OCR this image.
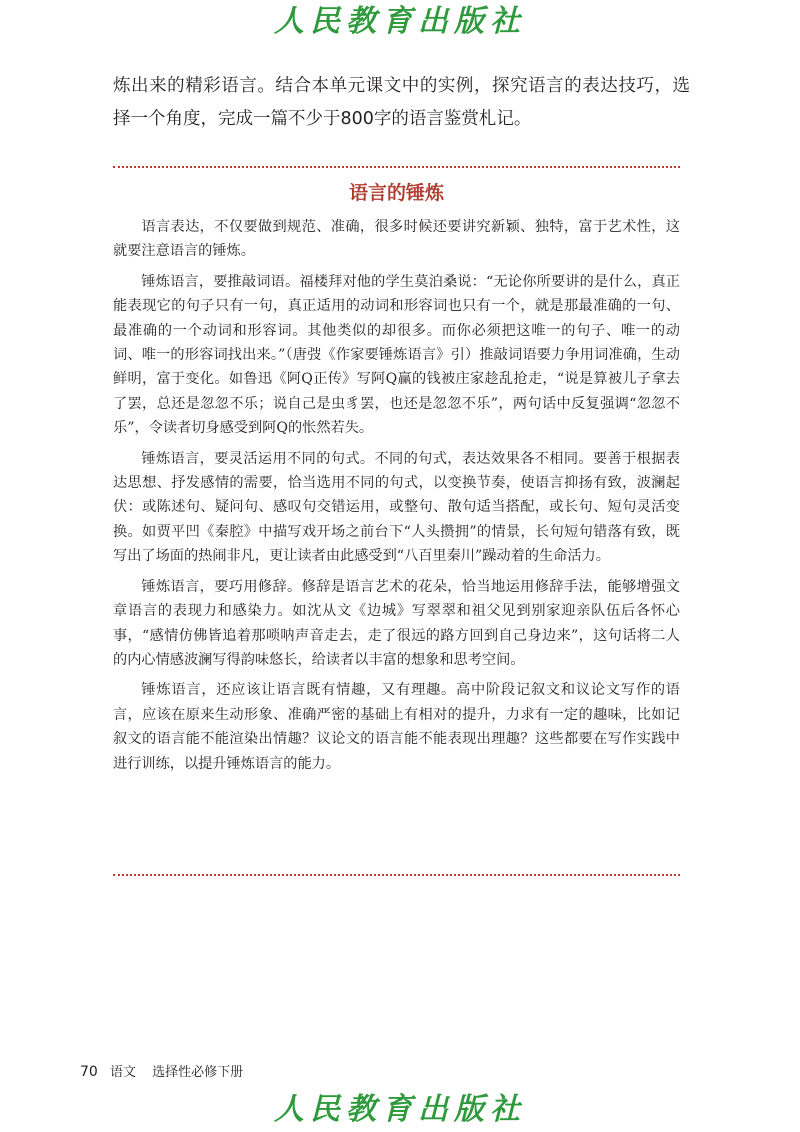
人民教育出版社

炼出来的精彩语言。结合本单元课文中的实例，探究语言的表达技巧，选择一个角度，完成一篇不少于800字的语言鉴赏札记。

语言的锤炼

语言表达，不仅要做到规范、准确，很多时候还要讲究新颖、独特，富于艺术性，这就要注意语言的锤炼。

锤炼语言，要推敲词语。福楼拜对他的学生莫泊桑说：“无论你所要讲的是什么，真正能表现它的句子只有一句，真正适用的动词和形容词也只有一个，就是那最准确的一句、最准确的一个动词和形容词。其他类似的却很多。而你必须把这唯一的句子、唯一的动词、唯一的形容词找出来。”（唐弢《作家要锤炼语言》引）推敲词语要力争用词准确，生动鲜明，富于变化。如鲁迅《阿Q正传》写阿Q赢的钱被庄家趁乱抢走，“说是算被儿子拿去了罢，总还是忽忽不乐；说自己是虫豸罢，也还是忽忽不乐”，两句话中反复强调“忽忽不乐”，令读者切身感受到阿Q的怅然若失。

锤炼语言，要灵活运用不同的句式。不同的句式，表达效果各不相同。要善于根据表达思想、抒发感情的需要，恰当选用不同的句式，以变换节奏，使语言抑扬有致，波澜起伏：或陈述句、疑问句、感叹句交错运用，或整句、散句适当搭配，或长句、短句灵活变换。如贾平凹《秦腔》中描写戏开场之前台下“人头攒拥”的情景，长句短句错落有致，既写出了场面的热闹非凡，更让读者由此感受到“八百里秦川”躁动着的生命活力。

锤炼语言，要巧用修辞。修辞是语言艺术的花朵，恰当地运用修辞手法，能够增强文章语言的表现力和感染力。如沈从文《边城》写翠翠和祖父见到别家迎亲队伍后各怀心事，“感情仿佛皆追着那唢呐声音走去，走了很远的路方回到自己身边来”，这句话将二人的内心情感波澜写得韵味悠长，给读者以丰富的想象和思考空间。

锤炼语言，还应该让语言既有情趣，又有理趣。高中阶段记叙文和议论文写作的语言，应该在原来生动形象、准确严密的基础上有相对的提升，力求有一定的趣味，比如记叙文的语言能不能渲染出情趣？议论文的语言能不能表现出理趣？这些都要在写作实践中进行训练，以提升锤炼语言的能力。

70 语文 选择性必修下册
人民教育出版社
